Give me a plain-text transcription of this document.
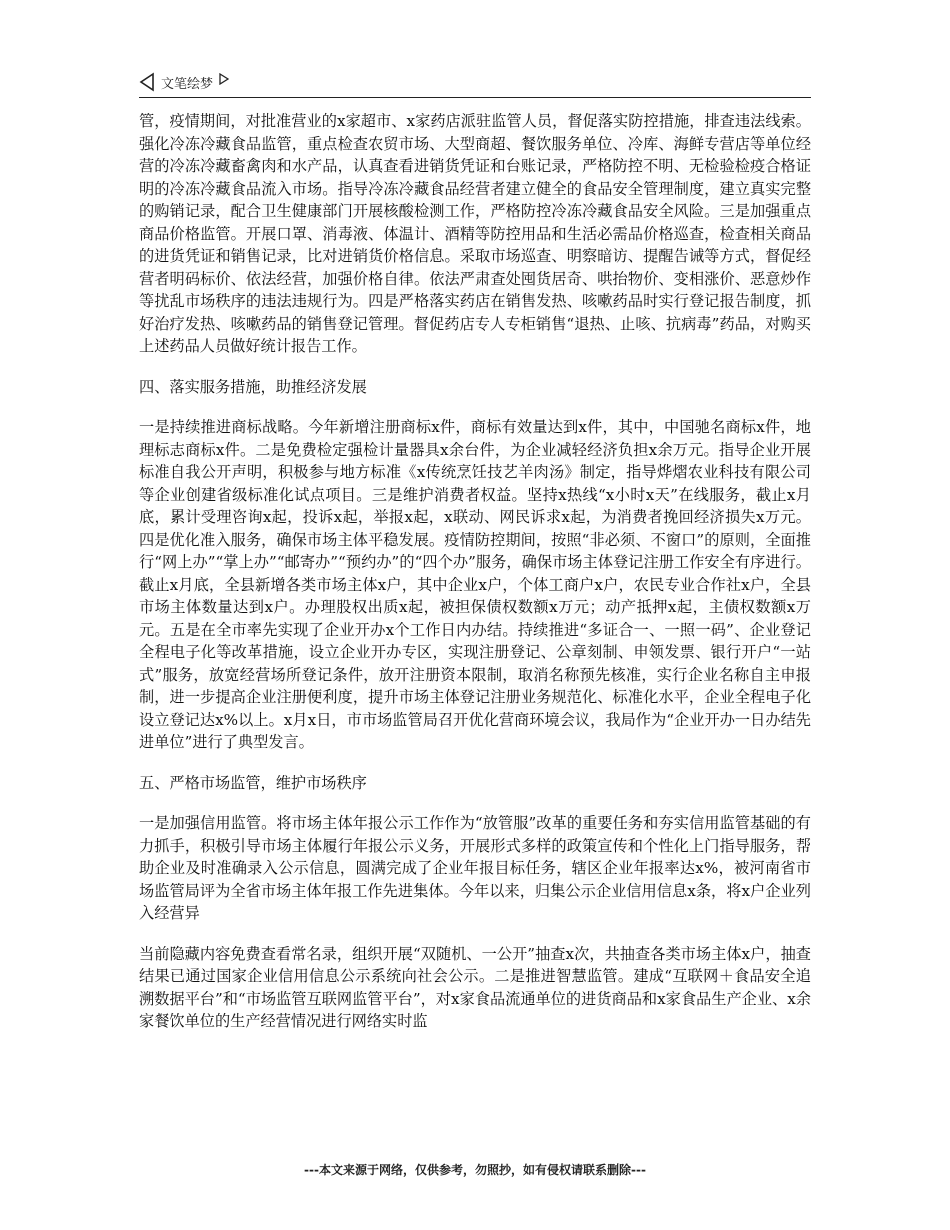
文笔绘梦

管，疫情期间，对批准营业的x家超市、x家药店派驻监管人员，督促落实防控措施，排查违法线索。强化冷冻冷藏食品监管，重点检查农贸市场、大型商超、餐饮服务单位、冷库、海鲜专营店等单位经营的冷冻冷藏畜禽肉和水产品，认真查看进销货凭证和台账记录，严格防控不明、无检验检疫合格证明的冷冻冷藏食品流入市场。指导冷冻冷藏食品经营者建立健全的食品安全管理制度，建立真实完整的购销记录，配合卫生健康部门开展核酸检测工作，严格防控冷冻冷藏食品安全风险。三是加强重点商品价格监管。开展口罩、消毒液、体温计、酒精等防控用品和生活必需品价格巡查，检查相关商品的进货凭证和销售记录，比对进销货价格信息。采取市场巡查、明察暗访、提醒告诫等方式，督促经营者明码标价、依法经营，加强价格自律。依法严肃查处囤货居奇、哄抬物价、变相涨价、恶意炒作等扰乱市场秩序的违法违规行为。四是严格落实药店在销售发热、咳嗽药品时实行登记报告制度，抓好治疗发热、咳嗽药品的销售登记管理。督促药店专人专柜销售“退热、止咳、抗病毒”药品，对购买上述药品人员做好统计报告工作。

四、落实服务措施，助推经济发展

一是持续推进商标战略。今年新增注册商标x件，商标有效量达到x件，其中，中国驰名商标x件，地理标志商标x件。二是免费检定强检计量器具x余台件，为企业减轻经济负担x余万元。指导企业开展标准自我公开声明，积极参与地方标准《x传统烹饪技艺羊肉汤》制定，指导烨熠农业科技有限公司等企业创建省级标准化试点项目。三是维护消费者权益。坚持x热线“x小时x天”在线服务，截止x月底，累计受理咨询x起，投诉x起，举报x起，x联动、网民诉求x起，为消费者挽回经济损失x万元。四是优化准入服务，确保市场主体平稳发展。疫情防控期间，按照“非必须、不窗口”的原则，全面推行“网上办”“掌上办”“邮寄办”“预约办”的“四个办”服务，确保市场主体登记注册工作安全有序进行。截止x月底，全县新增各类市场主体x户，其中企业x户，个体工商户x户，农民专业合作社x户，全县市场主体数量达到x户。办理股权出质x起，被担保债权数额x万元；动产抵押x起，主债权数额x万元。五是在全市率先实现了企业开办x个工作日内办结。持续推进“多证合一、一照一码”、企业登记全程电子化等改革措施，设立企业开办专区，实现注册登记、公章刻制、申领发票、银行开户“一站式”服务，放宽经营场所登记条件，放开注册资本限制，取消名称预先核准，实行企业名称自主申报制，进一步提高企业注册便利度，提升市场主体登记注册业务规范化、标准化水平，企业全程电子化设立登记达x%以上。x月x日，市市场监管局召开优化营商环境会议，我局作为“企业开办一日办结先进单位”进行了典型发言。

五、严格市场监管，维护市场秩序

一是加强信用监管。将市场主体年报公示工作作为“放管服”改革的重要任务和夯实信用监管基础的有力抓手，积极引导市场主体履行年报公示义务，开展形式多样的政策宣传和个性化上门指导服务，帮助企业及时准确录入公示信息，圆满完成了企业年报目标任务，辖区企业年报率达x%，被河南省市场监管局评为全省市场主体年报工作先进集体。今年以来，归集公示企业信用信息x条，将x户企业列入经营异

当前隐藏内容免费查看常名录，组织开展“双随机、一公开”抽查x次，共抽查各类市场主体x户，抽查结果已通过国家企业信用信息公示系统向社会公示。二是推进智慧监管。建成“互联网＋食品安全追溯数据平台”和“市场监管互联网监管平台”，对x家食品流通单位的进货商品和x家食品生产企业、x余家餐饮单位的生产经营情况进行网络实时监

---本文来源于网络，仅供参考，勿照抄，如有侵权请联系删除---
